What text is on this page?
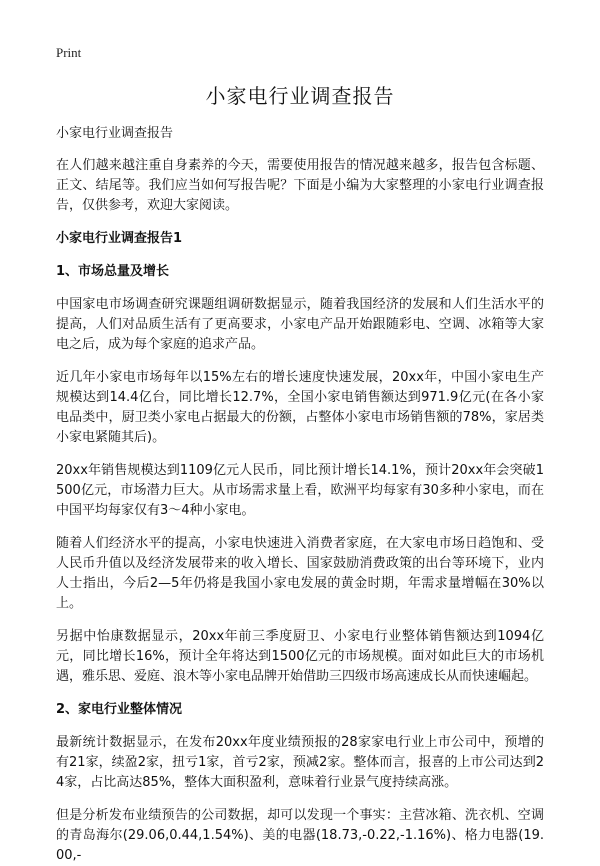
Print
小家电行业调查报告
小家电行业调查报告

在人们越来越注重自身素养的今天，需要使用报告的情况越来越多，报告包含标题、正文、结尾等。我们应当如何写报告呢？下面是小编为大家整理的小家电行业调查报告，仅供参考，欢迎大家阅读。

小家电行业调查报告1
1、市场总量及增长

中国家电市场调查研究课题组调研数据显示，随着我国经济的发展和人们生活水平的提高，人们对品质生活有了更高要求，小家电产品开始跟随彩电、空调、冰箱等大家电之后，成为每个家庭的追求产品。

近几年小家电市场每年以15%左右的增长速度快速发展，20xx年，中国小家电生产规模达到14.4亿台，同比增长12.7%，全国小家电销售额达到971.9亿元(在各小家电品类中，厨卫类小家电占据最大的份额，占整体小家电市场销售额的78%，家居类小家电紧随其后)。

20xx年销售规模达到1109亿元人民币，同比预计增长14.1%，预计20xx年会突破1500亿元，市场潜力巨大。从市场需求量上看，欧洲平均每家有30多种小家电，而在中国平均每家仅有3～4种小家电。

随着人们经济水平的提高，小家电快速进入消费者家庭，在大家电市场日趋饱和、受人民币升值以及经济发展带来的收入增长、国家鼓励消费政策的出台等环境下，业内人士指出，今后2—5年仍将是我国小家电发展的黄金时期，年需求量增幅在30%以上。

另据中怡康数据显示，20xx年前三季度厨卫、小家电行业整体销售额达到1094亿元，同比增长16%，预计全年将达到1500亿元的市场规模。面对如此巨大的市场机遇，雅乐思、爱庭、浪木等小家电品牌开始借助三四级市场高速成长从而快速崛起。

2、家电行业整体情况

最新统计数据显示，在发布20xx年度业绩预报的28家家电行业上市公司中，预增的有21家，续盈2家，扭亏1家，首亏2家，预减2家。整体而言，报喜的上市公司达到24家，占比高达85%，整体大面积盈利，意味着行业景气度持续高涨。

但是分析发布业绩预告的公司数据，却可以发现一个事实：主营冰箱、洗衣机、空调的青岛海尔(29.06,0.44,1.54%)、美的电器(18.73,-0.22,-1.16%)、格力电器(19.00,-
